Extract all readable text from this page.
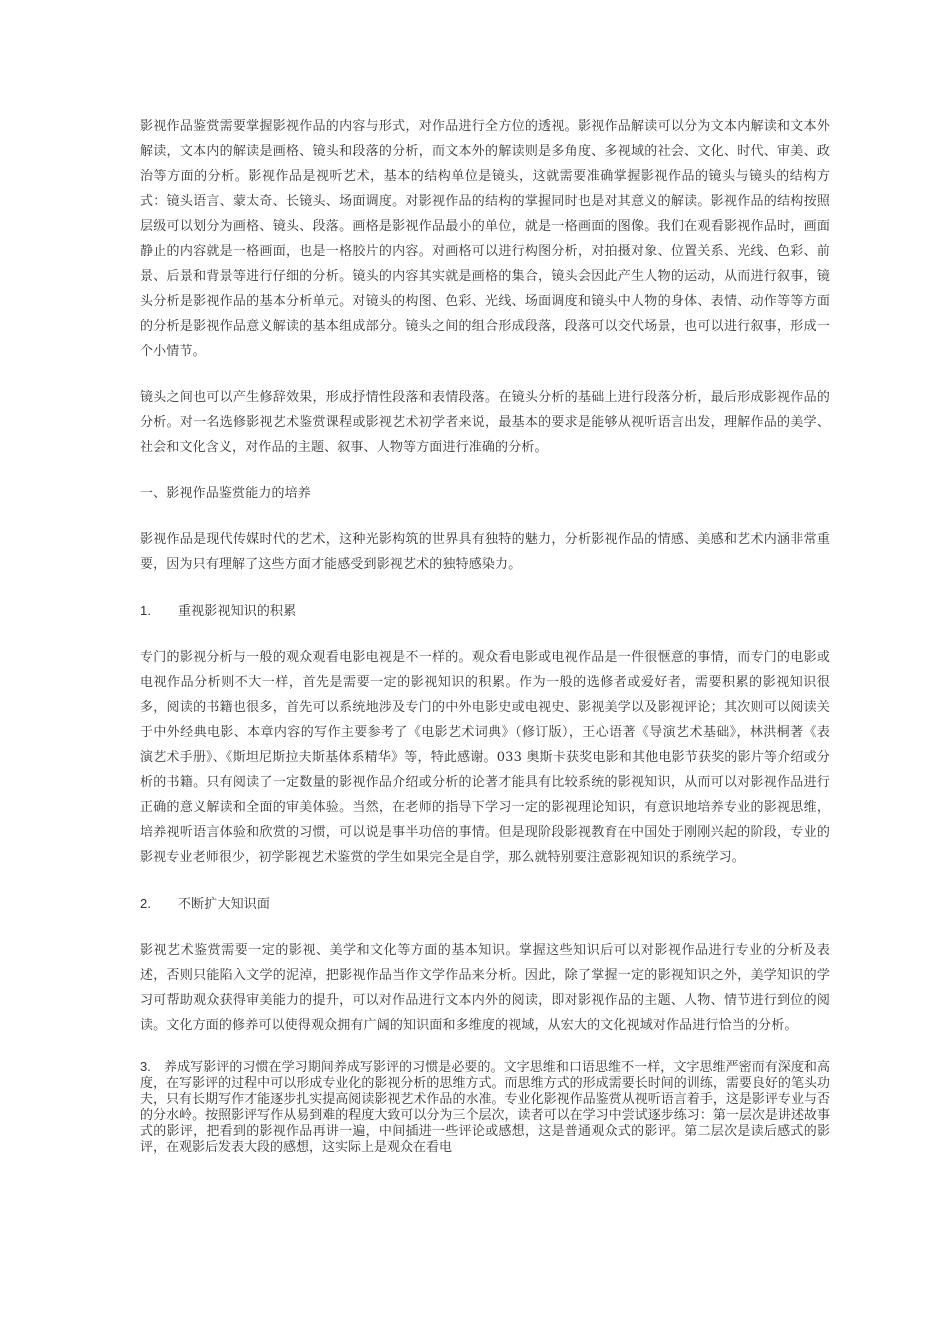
影视作品鉴赏需要掌握影视作品的内容与形式，对作品进行全方位的透视。影视作品解读可以分为文本内解读和文本外解读，文本内的解读是画格、镜头和段落的分析，而文本外的解读则是多角度、多视域的社会、文化、时代、审美、政治等方面的分析。影视作品是视听艺术，基本的结构单位是镜头，这就需要准确掌握影视作品的镜头与镜头的结构方式：镜头语言、蒙太奇、长镜头、场面调度。对影视作品的结构的掌握同时也是对其意义的解读。影视作品的结构按照层级可以划分为画格、镜头、段落。画格是影视作品最小的单位，就是一格画面的图像。我们在观看影视作品时，画面静止的内容就是一格画面，也是一格胶片的内容。对画格可以进行构图分析，对拍摄对象、位置关系、光线、色彩、前景、后景和背景等进行仔细的分析。镜头的内容其实就是画格的集合，镜头会因此产生人物的运动，从而进行叙事，镜头分析是影视作品的基本分析单元。对镜头的构图、色彩、光线、场面调度和镜头中人物的身体、表情、动作等等方面的分析是影视作品意义解读的基本组成部分。镜头之间的组合形成段落，段落可以交代场景，也可以进行叙事，形成一个小情节。

镜头之间也可以产生修辞效果，形成抒情性段落和表情段落。在镜头分析的基础上进行段落分析，最后形成影视作品的分析。对一名选修影视艺术鉴赏课程或影视艺术初学者来说，最基本的要求是能够从视听语言出发，理解作品的美学、社会和文化含义，对作品的主题、叙事、人物等方面进行准确的分析。

一、影视作品鉴赏能力的培养

影视作品是现代传媒时代的艺术，这种光影构筑的世界具有独特的魅力，分析影视作品的情感、美感和艺术内涵非常重要，因为只有理解了这些方面才能感受到影视艺术的独特感染力。

1. 重视影视知识的积累

专门的影视分析与一般的观众观看电影电视是不一样的。观众看电影或电视作品是一件很惬意的事情，而专门的电影或电视作品分析则不大一样，首先是需要一定的影视知识的积累。作为一般的选修者或爱好者，需要积累的影视知识很多，阅读的书籍也很多，首先可以系统地涉及专门的中外电影史或电视史、影视美学以及影视评论；其次则可以阅读关于中外经典电影、本章内容的写作主要参考了《电影艺术词典》（修订版），王心语著《导演艺术基础》，林洪桐著《表演艺术手册》、《斯坦尼斯拉夫斯基体系精华》等，特此感谢。033 奥斯卡获奖电影和其他电影节获奖的影片等介绍或分析的书籍。只有阅读了一定数量的影视作品介绍或分析的论著才能具有比较系统的影视知识，从而可以对影视作品进行正确的意义解读和全面的审美体验。当然，在老师的指导下学习一定的影视理论知识，有意识地培养专业的影视思维，培养视听语言体验和欣赏的习惯，可以说是事半功倍的事情。但是现阶段影视教育在中国处于刚刚兴起的阶段，专业的影视专业老师很少，初学影视艺术鉴赏的学生如果完全是自学，那么就特别要注意影视知识的系统学习。

2. 不断扩大知识面

影视艺术鉴赏需要一定的影视、美学和文化等方面的基本知识。掌握这些知识后可以对影视作品进行专业的分析及表述，否则只能陷入文学的泥淖，把影视作品当作文学作品来分析。因此，除了掌握一定的影视知识之外，美学知识的学习可帮助观众获得审美能力的提升，可以对作品进行文本内外的阅读，即对影视作品的主题、人物、情节进行到位的阅读。文化方面的修养可以使得观众拥有广阔的知识面和多维度的视域，从宏大的文化视域对作品进行恰当的分析。

3. 养成写影评的习惯在学习期间养成写影评的习惯是必要的。文字思维和口语思维不一样，文字思维严密而有深度和高度，在写影评的过程中可以形成专业化的影视分析的思维方式。而思维方式的形成需要长时间的训练，需要良好的笔头功夫，只有长期写作才能逐步扎实提高阅读影视艺术作品的水准。专业化影视作品鉴赏从视听语言着手，这是影评专业与否的分水岭。按照影评写作从易到难的程度大致可以分为三个层次，读者可以在学习中尝试逐步练习：第一层次是讲述故事式的影评，把看到的影视作品再讲一遍，中间插进一些评论或感想，这是普通观众式的影评。第二层次是读后感式的影评，在观影后发表大段的感想，这实际上是观众在看电
